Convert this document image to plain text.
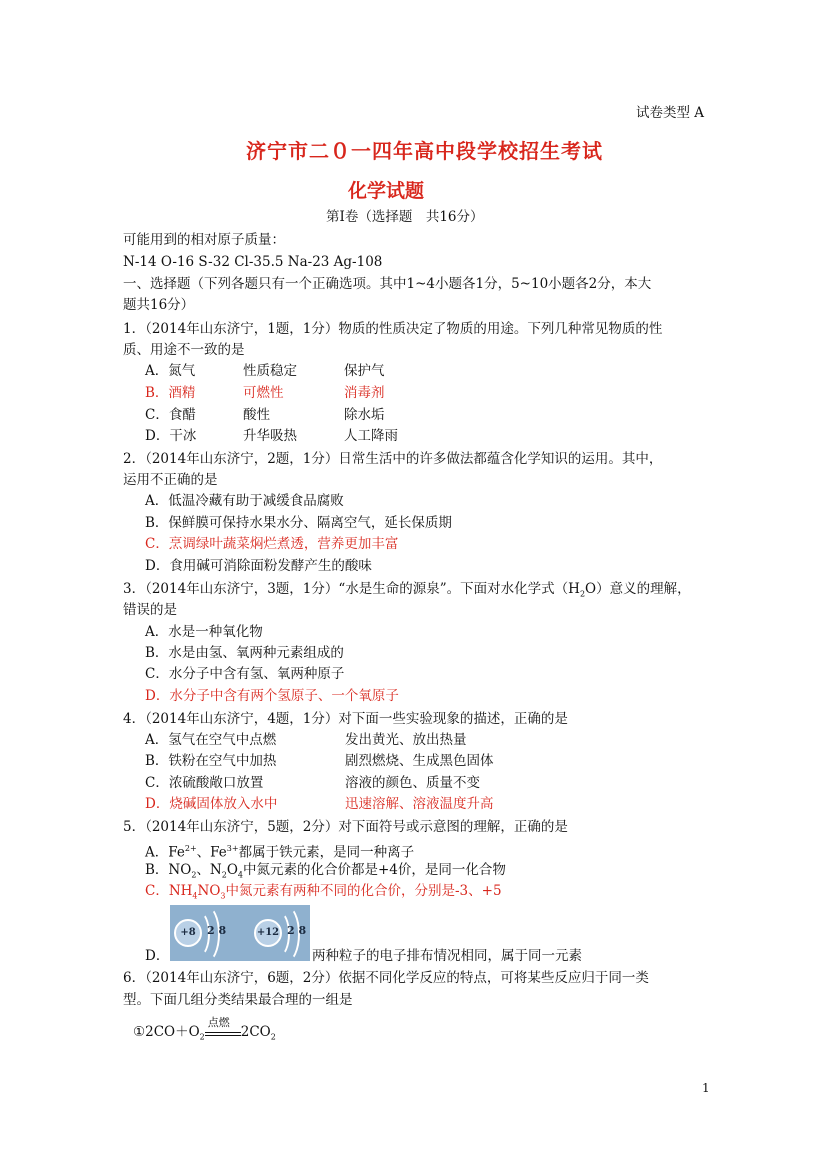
试卷类型 A
济宁市二０一四年高中段学校招生考试
化学试题
第Ⅰ卷（选择题　共16分）
可能用到的相对原子质量：
N-14 O-16 S-32 Cl-35.5 Na-23 Ag-108
一、选择题（下列各题只有一个正确选项。其中1~4小题各1分，5~10小题各2分，本大
题共16分）
1．（2014年山东济宁，1题，1分）物质的性质决定了物质的用途。下列几种常见物质的性
质、用途不一致的是
A．氮气	性质稳定	保护气
B．酒精	可燃性	消毒剂
C．食醋	酸性	除水垢
D．干冰	升华吸热	人工降雨
2．（2014年山东济宁，2题，1分）日常生活中的许多做法都蕴含化学知识的运用。其中，
运用不正确的是
A．低温冷藏有助于减缓食品腐败
B．保鲜膜可保持水果水分、隔离空气，延长保质期
C．烹调绿叶蔬菜焖烂煮透，营养更加丰富
D．食用碱可消除面粉发酵产生的酸味
3．（2014年山东济宁，3题，1分）“水是生命的源泉”。下面对水化学式$(H_2O)$意义的理解，
错误的是
A．水是一种氧化物
B．水是由氢、氧两种元素组成的
C．水分子中含有氢、氧两种原子
D．水分子中含有两个氢原子、一个氧原子
4．（2014年山东济宁，4题，1分）对下面一些实验现象的描述，正确的是
A．氢气在空气中点燃	发出黄光、放出热量
B．铁粉在空气中加热	剧烈燃烧、生成黑色固体
C．浓硫酸敞口放置	溶液的颜色、质量不变
D．烧碱固体放入水中	迅速溶解、溶液温度升高
5．（2014年山东济宁，5题，2分）对下面符号或示意图的理解，正确的是
A．$Fe^{2+}$、$Fe^{3+}$都属于铁元素，是同一种离子
B．$NO_2$、$N_2O_4$中氮元素的化合价都是+4价，是同一化合物
C．$NH_4NO_3$中氮元素有两种不同的化合价，分别是-3、+5
+8	2 8	+12 2 8
D．	两种粒子的电子排布情况相同，属于同一元素
6．（2014年山东济宁，6题，2分）依据不同化学反应的特点，可将某些反应归于同一类
型。下面几组分类结果最合理的一组是
$①2CO+O_2$
点燃
$2CO_2$
1
